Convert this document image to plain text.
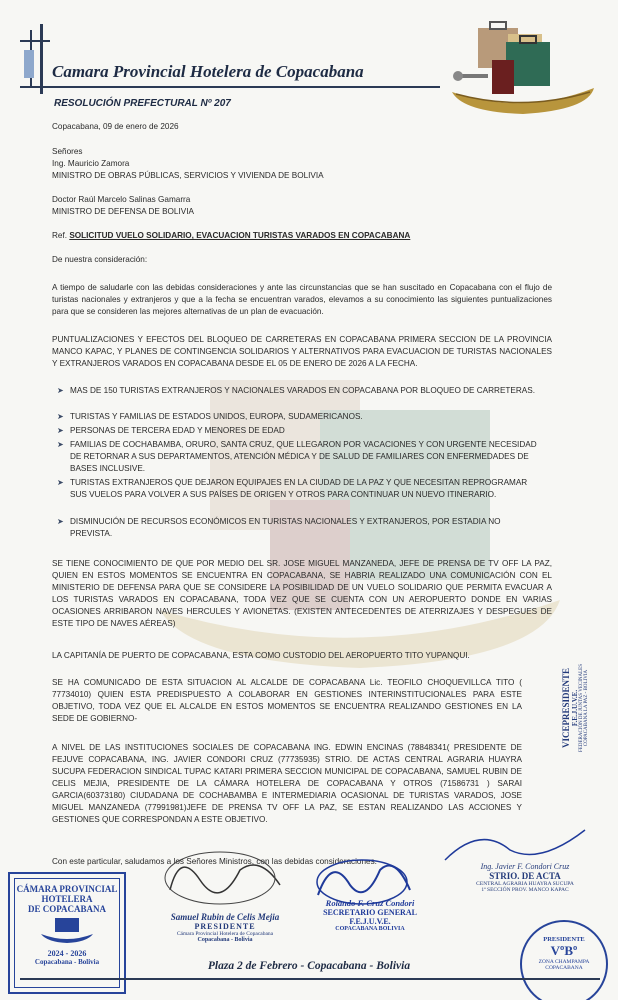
Camara Provincial Hotelera de Copacabana
RESOLUCIÓN PREFECTURAL Nº 207
Copacabana, 09 de enero de 2026
Señores
Ing. Mauricio Zamora
MINISTRO DE OBRAS PÚBLICAS, SERVICIOS Y VIVIENDA DE BOLIVIA
Doctor Raúl Marcelo Salinas Gamarra
MINISTRO DE DEFENSA DE BOLIVIA
Ref. SOLICITUD VUELO SOLIDARIO, EVACUACION TURISTAS VARADOS EN COPACABANA
De nuestra consideración:
A tiempo de saludarle con las debidas consideraciones y ante las circunstancias que se han suscitado en Copacabana con el flujo de turistas nacionales y extranjeros y que a la fecha se encuentran varados, elevamos a su conocimiento las siguientes puntualizaciones para que se consideren las mejores alternativas de un plan de evacuación.
PUNTUALIZACIONES Y EFECTOS DEL BLOQUEO DE CARRETERAS EN COPACABANA PRIMERA SECCION DE LA PROVINCIA MANCO KAPAC, Y PLANES DE CONTINGENCIA SOLIDARIOS Y ALTERNATIVOS PARA EVACUACION DE TURISTAS NACIONALES Y EXTRANJEROS VARADOS EN COPACABANA DESDE EL 05 DE ENERO DE 2026 A LA FECHA.
➤ MAS DE 150 TURISTAS EXTRANJEROS Y NACIONALES VARADOS EN COPACABANA POR BLOQUEO DE CARRETERAS.
➤ TURISTAS Y FAMILIAS DE ESTADOS UNIDOS, EUROPA, SUDAMERICANOS.
➤ PERSONAS DE TERCERA EDAD Y MENORES DE EDAD
➤ FAMILIAS DE COCHABAMBA, ORURO, SANTA CRUZ, QUE LLEGARON POR VACACIONES Y CON URGENTE NECESIDAD DE RETORNAR A SUS DEPARTAMENTOS, ATENCIÓN MÉDICA Y DE SALUD DE FAMILIARES CON ENFERMEDADES DE BASES INCLUSIVE.
➤ TURISTAS EXTRANJEROS QUE DEJARON EQUIPAJES EN LA CIUDAD DE LA PAZ Y QUE NECESITAN REPROGRAMAR SUS VUELOS PARA VOLVER A SUS PAÍSES DE ORIGEN Y OTROS PARA CONTINUAR UN NUEVO ITINERARIO.
➤ DISMINUCIÓN DE RECURSOS ECONÓMICOS EN TURISTAS NACIONALES Y EXTRANJEROS, POR ESTADIA NO PREVISTA.
SE TIENE CONOCIMIENTO DE QUE POR MEDIO DEL SR. JOSE MIGUEL MANZANEDA, JEFE DE PRENSA DE TV OFF LA PAZ, QUIEN EN ESTOS MOMENTOS SE ENCUENTRA EN COPACABANA, SE HABRIA REALIZADO UNA COMUNICACIÓN CON EL MINISTERIO DE DEFENSA PARA QUE SE CONSIDERE LA POSIBILIDAD DE UN VUELO SOLIDARIO QUE PERMITA EVACUAR A LOS TURISTAS VARADOS EN COPACABANA, TODA VEZ QUE SE CUENTA CON UN AEROPUERTO DONDE EN VARIAS OCASIONES ARRIBARON NAVES HERCULES Y AVIONETAS. (EXISTEN ANTECEDENTES DE ATERRIZAJES Y DESPEGUES DE ESTE TIPO DE NAVES AÉREAS)
LA CAPITANÍA DE PUERTO DE COPACABANA, ESTA COMO CUSTODIO DEL AEROPUERTO TITO YUPANQUI.
SE HA COMUNICADO DE ESTA SITUACION AL ALCALDE DE COPACABANA Lic. TEOFILO CHOQUEVILLCA TITO ( 77734010) QUIEN ESTA PREDISPUESTO A COLABORAR EN GESTIONES INTERINSTITUCIONALES PARA ESTE OBJETIVO, TODA VEZ QUE EL ALCALDE EN ESTOS MOMENTOS SE ENCUENTRA REALIZANDO GESTIONES EN LA SEDE DE GOBIERNO-
A NIVEL DE LAS INSTITUCIONES SOCIALES DE COPACABANA ING. EDWIN ENCINAS (78848341( PRESIDENTE DE FEJUVE COPACABANA, ING. JAVIER CONDORI CRUZ (77735935) STRIO. DE ACTAS CENTRAL AGRARIA HUAYRA SUCUPA FEDERACION SINDICAL TUPAC KATARI PRIMERA SECCION MUNICIPAL DE COPACABANA, SAMUEL RUBIN DE CELIS MEJIA, PRESIDENTE DE LA CÁMARA HOTELERA DE COPACABANA Y OTROS (71586731 ) SARAI GARCIA(60373180) CIUDADANA DE COCHABAMBA E INTERMEDIARIA OCASIONAL DE TURISTAS VARADOS, JOSE MIGUEL MANZANEDA (77991981)JEFE DE PRENSA TV OFF LA PAZ, SE ESTAN REALIZANDO LAS ACCIONES Y GESTIONES QUE CORRESPONDAN A ESTE OBJETIVO.
Con este particular, saludamos a los Señores Ministros, con las debidas consideraciones.
VICEPRESIDENTE F.E.J.U.V.E. FEDERACIÓN DE JUNTAS VECINALES COPACABANA LA PAZ - BOLIVIA
Samuel Rubin de Celis Mejia
PRESIDENTE
Cámara Provincial Hotelera de Copacabana
Copacabana - Bolivia
Rolando F. Cruz Condori
SECRETARIO GENERAL
F.E.J.U.V.E.
COPACABANA BOLIVIA
Ing. Javier F. Condori Cruz
STRIO. DE ACTA
CENTRAL AGRARIA HUAYRA SUCUPA
1ª SECCIÓN PROV. MANCO KAPAC
CÁMARA PROVINCIAL
HOTELERA
DE COPACABANA
2024 - 2026
Copacabana - Bolivia
PRESIDENTE
VºBº
ZONA CHAMPAMPA
COPACABANA
Plaza 2 de Febrero - Copacabana - Bolivia
